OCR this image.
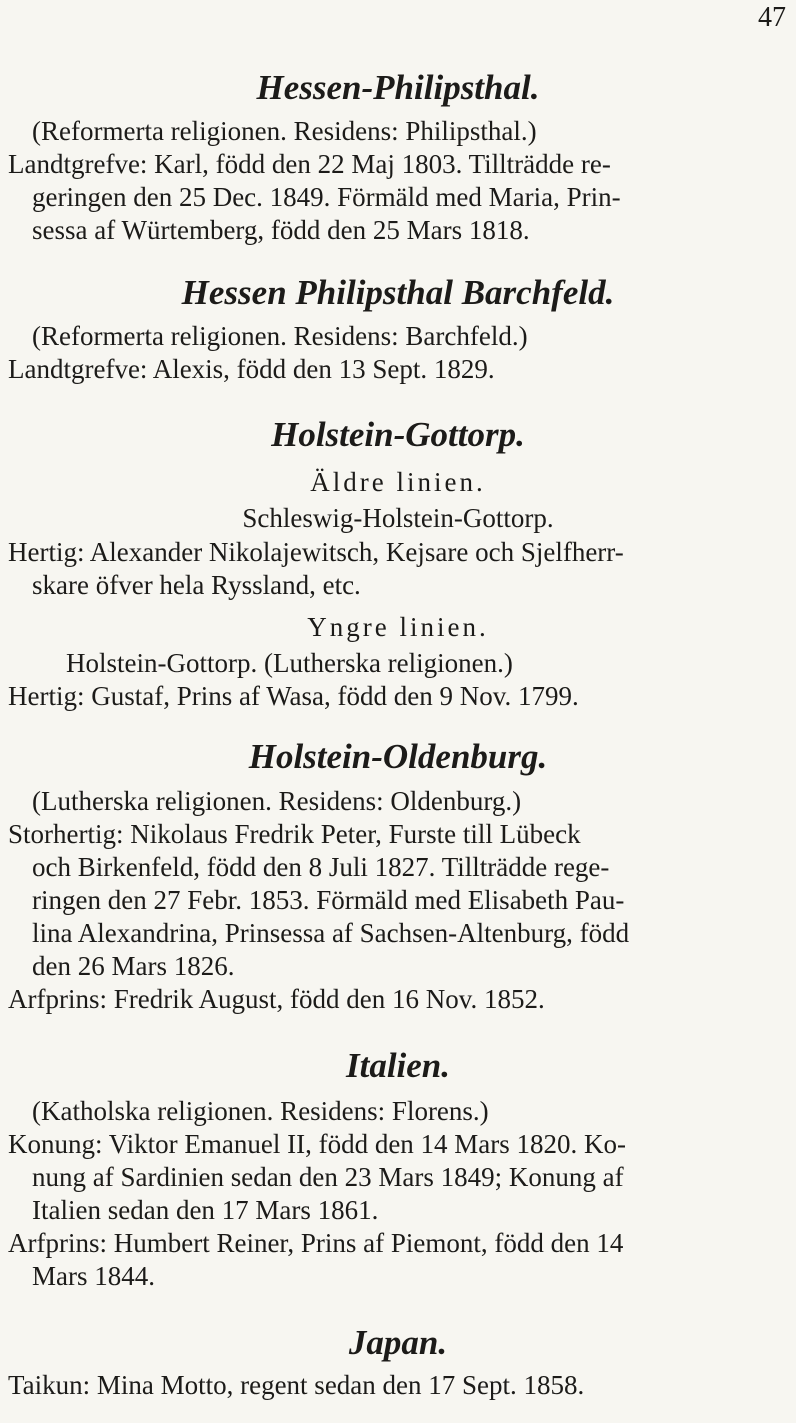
47
Hessen-Philipsthal.
(Reformerta religionen. Residens: Philipsthal.)
Landtgrefve: Karl, född den 22 Maj 1803. Tillträdde re-
geringen den 25 Dec. 1849. Förmäld med Maria, Prin-
sessa af Würtemberg, född den 25 Mars 1818.
Hessen Philipsthal Barchfeld.
(Reformerta religionen. Residens: Barchfeld.)
Landtgrefve: Alexis, född den 13 Sept. 1829.
Holstein-Gottorp.
Äldre linien.
Schleswig-Holstein-Gottorp.
Hertig: Alexander Nikolajewitsch, Kejsare och Sjelfherr-
skare öfver hela Ryssland, etc.
Yngre linien.
Holstein-Gottorp. (Lutherska religionen.)
Hertig: Gustaf, Prins af Wasa, född den 9 Nov. 1799.
Holstein-Oldenburg.
(Lutherska religionen. Residens: Oldenburg.)
Storhertig: Nikolaus Fredrik Peter, Furste till Lübeck
och Birkenfeld, född den 8 Juli 1827. Tillträdde rege-
ringen den 27 Febr. 1853. Förmäld med Elisabeth Pau-
lina Alexandrina, Prinsessa af Sachsen-Altenburg, född
den 26 Mars 1826.
Arfprins: Fredrik August, född den 16 Nov. 1852.
Italien.
(Katholska religionen. Residens: Florens.)
Konung: Viktor Emanuel II, född den 14 Mars 1820. Ko-
nung af Sardinien sedan den 23 Mars 1849; Konung af
Italien sedan den 17 Mars 1861.
Arfprins: Humbert Reiner, Prins af Piemont, född den 14
Mars 1844.
Japan.
Taikun: Mina Motto, regent sedan den 17 Sept. 1858.
